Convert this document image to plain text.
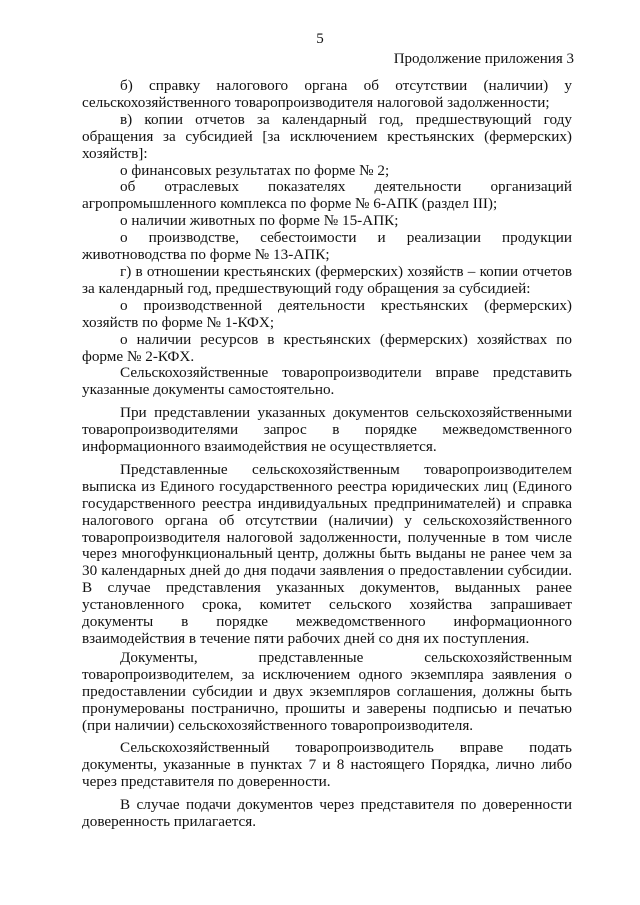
5
Продолжение приложения 3

б) справку налогового органа об отсутствии (наличии) у сельскохозяйственного товаропроизводителя налоговой задолженности;

в) копии отчетов за календарный год, предшествующий году обращения за субсидией [за исключением крестьянских (фермерских) хозяйств]:

о финансовых результатах по форме № 2;

об отраслевых показателях деятельности организаций агропромышленного комплекса по форме № 6-АПК (раздел III);

о наличии животных по форме № 15-АПК;

о производстве, себестоимости и реализации продукции животноводства по форме № 13-АПК;

г) в отношении крестьянских (фермерских) хозяйств – копии отчетов за календарный год, предшествующий году обращения за субсидией:

о производственной деятельности крестьянских (фермерских) хозяйств по форме № 1-КФХ;

о наличии ресурсов в крестьянских (фермерских) хозяйствах по форме № 2-КФХ.

Сельскохозяйственные товаропроизводители вправе представить указанные документы самостоятельно.

При представлении указанных документов сельскохозяйственными товаропроизводителями запрос в порядке межведомственного информационного взаимодействия не осуществляется.

Представленные сельскохозяйственным товаропроизводителем выписка из Единого государственного реестра юридических лиц (Единого государственного реестра индивидуальных предпринимателей) и справка налогового органа об отсутствии (наличии) у сельскохозяйственного товаропроизводителя налоговой задолженности, полученные в том числе через многофункциональный центр, должны быть выданы не ранее чем за 30 календарных дней до дня подачи заявления о предоставлении субсидии. В случае представления указанных документов, выданных ранее установленного срока, комитет сельского хозяйства запрашивает документы в порядке межведомственного информационного взаимодействия в течение пяти рабочих дней со дня их поступления.

Документы, представленные сельскохозяйственным товаропроизводителем, за исключением одного экземпляра заявления о предоставлении субсидии и двух экземпляров соглашения, должны быть пронумерованы постранично, прошиты и заверены подписью и печатью (при наличии) сельскохозяйственного товаропроизводителя.

Сельскохозяйственный товаропроизводитель вправе подать документы, указанные в пунктах 7 и 8 настоящего Порядка, лично либо через представителя по доверенности.

В случае подачи документов через представителя по доверенности доверенность прилагается.
